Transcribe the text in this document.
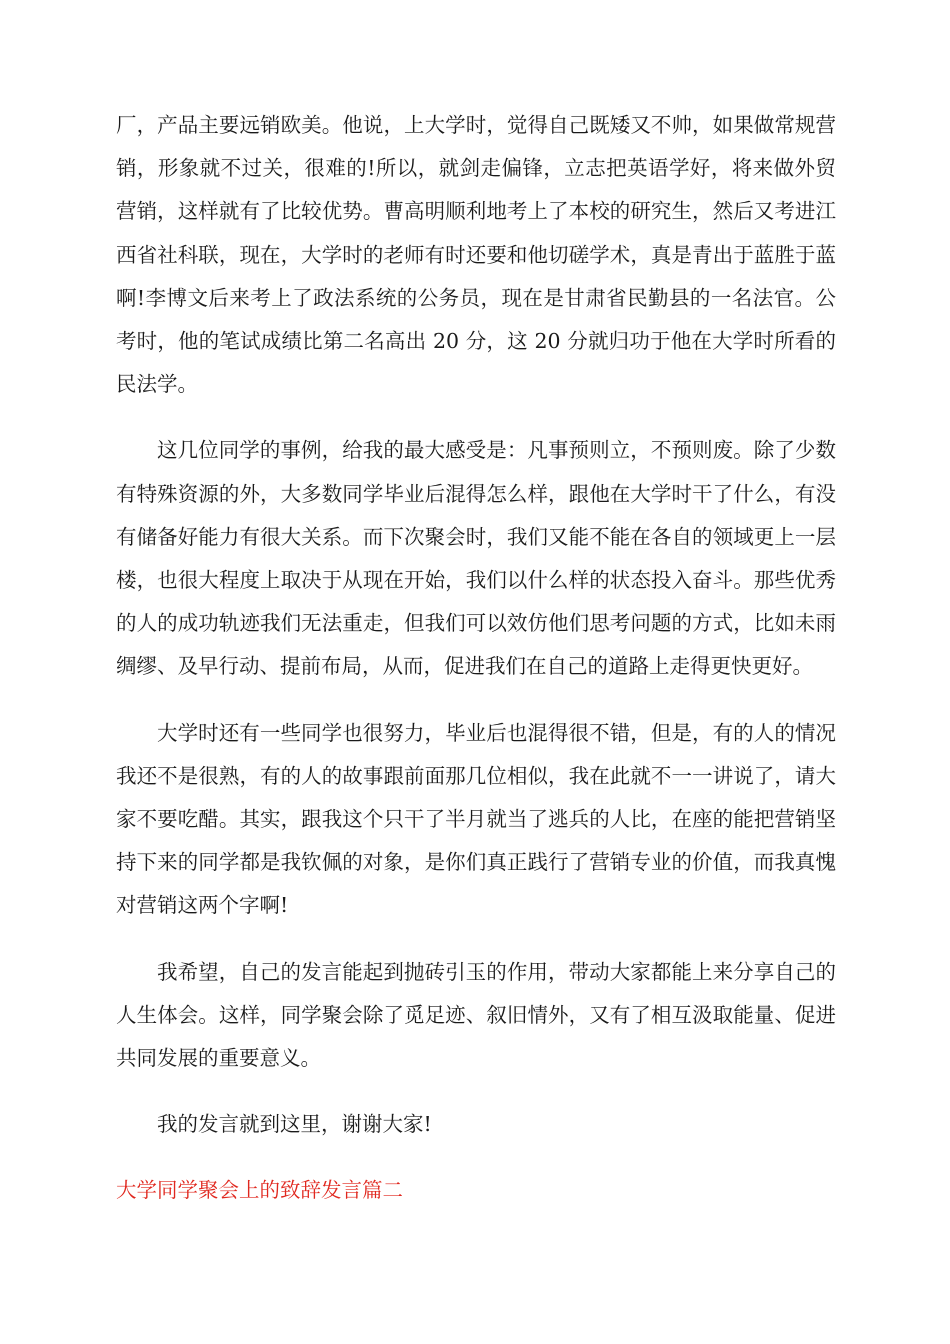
厂，产品主要远销欧美。他说，上大学时，觉得自己既矮又不帅，如果做常规营销，形象就不过关，很难的!所以，就剑走偏锋，立志把英语学好，将来做外贸营销，这样就有了比较优势。曹高明顺利地考上了本校的研究生，然后又考进江西省社科联，现在，大学时的老师有时还要和他切磋学术，真是青出于蓝胜于蓝啊!李博文后来考上了政法系统的公务员，现在是甘肃省民勤县的一名法官。公考时，他的笔试成绩比第二名高出 20 分，这 20 分就归功于他在大学时所看的民法学。

这几位同学的事例，给我的最大感受是：凡事预则立，不预则废。除了少数有特殊资源的外，大多数同学毕业后混得怎么样，跟他在大学时干了什么，有没有储备好能力有很大关系。而下次聚会时，我们又能不能在各自的领域更上一层楼，也很大程度上取决于从现在开始，我们以什么样的状态投入奋斗。那些优秀的人的成功轨迹我们无法重走，但我们可以效仿他们思考问题的方式，比如未雨绸缪、及早行动、提前布局，从而，促进我们在自己的道路上走得更快更好。

大学时还有一些同学也很努力，毕业后也混得很不错，但是，有的人的情况我还不是很熟，有的人的故事跟前面那几位相似，我在此就不一一讲说了，请大家不要吃醋。其实，跟我这个只干了半月就当了逃兵的人比，在座的能把营销坚持下来的同学都是我钦佩的对象，是你们真正践行了营销专业的价值，而我真愧对营销这两个字啊!

我希望，自己的发言能起到抛砖引玉的作用，带动大家都能上来分享自己的人生体会。这样，同学聚会除了觅足迹、叙旧情外，又有了相互汲取能量、促进共同发展的重要意义。

我的发言就到这里，谢谢大家!

大学同学聚会上的致辞发言篇二
